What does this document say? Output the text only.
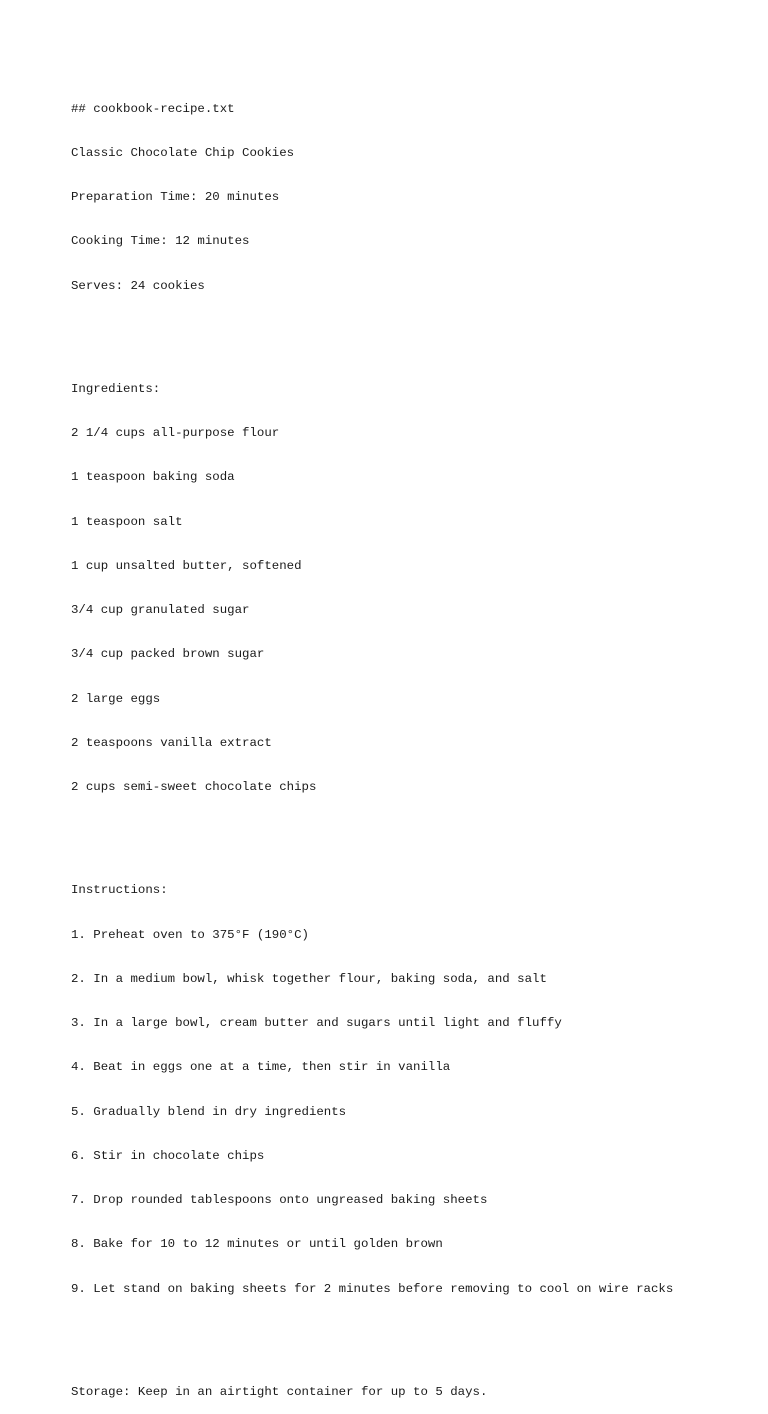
## cookbook-recipe.txt

Classic Chocolate Chip Cookies

Preparation Time: 20 minutes

Cooking Time: 12 minutes

Serves: 24 cookies

Ingredients:

2 1/4 cups all-purpose flour

1 teaspoon baking soda

1 teaspoon salt

1 cup unsalted butter, softened

3/4 cup granulated sugar

3/4 cup packed brown sugar

2 large eggs

2 teaspoons vanilla extract

2 cups semi-sweet chocolate chips

Instructions:

1. Preheat oven to 375°F (190°C)

2. In a medium bowl, whisk together flour, baking soda, and salt

3. In a large bowl, cream butter and sugars until light and fluffy

4. Beat in eggs one at a time, then stir in vanilla

5. Gradually blend in dry ingredients

6. Stir in chocolate chips

7. Drop rounded tablespoons onto ungreased baking sheets

8. Bake for 10 to 12 minutes or until golden brown

9. Let stand on baking sheets for 2 minutes before removing to cool on wire racks

Storage: Keep in an airtight container for up to 5 days.
